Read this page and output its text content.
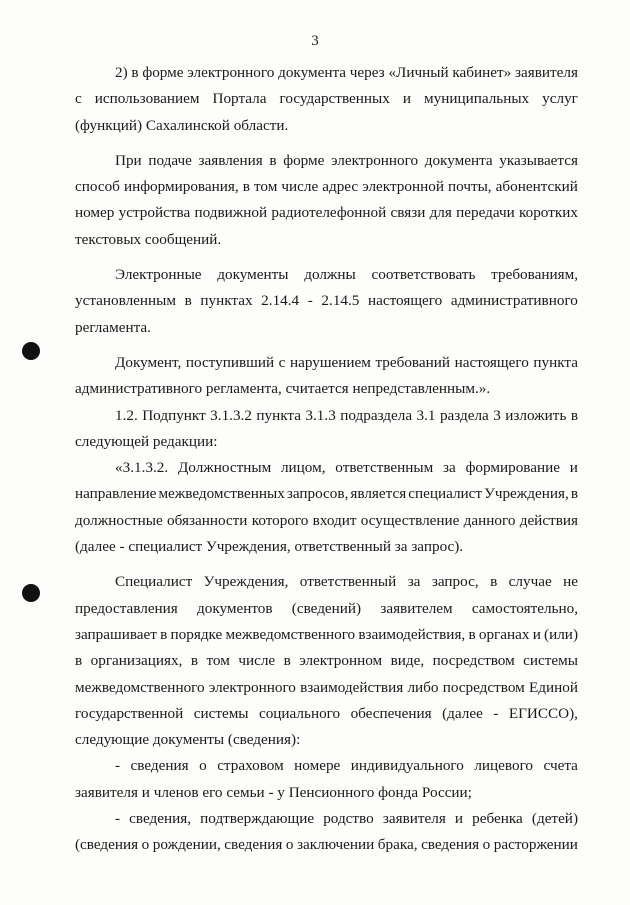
3
2) в форме электронного документа через «Личный кабинет» заявителя
с использованием Портала государственных и муниципальных услуг
(функций) Сахалинской области.
При подаче заявления в форме электронного документа указывается
способ информирования, в том числе адрес электронной почты, абонентский
номер устройства подвижной радиотелефонной связи для передачи коротких
текстовых сообщений.
Электронные документы должны соответствовать требованиям,
установленным в пунктах 2.14.4 - 2.14.5 настоящего административного
регламента.
Документ, поступивший с нарушением требований настоящего пункта
административного регламента, считается непредставленным.».
1.2. Подпункт 3.1.3.2 пункта 3.1.3 подраздела 3.1 раздела 3 изложить в
следующей редакции:
«3.1.3.2. Должностным лицом, ответственным за формирование и
направление межведомственных запросов, является специалист Учреждения, в
должностные обязанности которого входит осуществление данного действия
(далее - специалист Учреждения, ответственный за запрос).
Специалист Учреждения, ответственный за запрос, в случае не
предоставления документов (сведений) заявителем самостоятельно,
запрашивает в порядке межведомственного взаимодействия, в органах и (или)
в организациях, в том числе в электронном виде, посредством системы
межведомственного электронного взаимодействия либо посредством Единой
государственной системы социального обеспечения (далее - ЕГИССО),
следующие документы (сведения):
- сведения о страховом номере индивидуального лицевого счета
заявителя и членов его семьи - у Пенсионного фонда России;
- сведения, подтверждающие родство заявителя и ребенка (детей)
(сведения о рождении, сведения о заключении брака, сведения о расторжении
